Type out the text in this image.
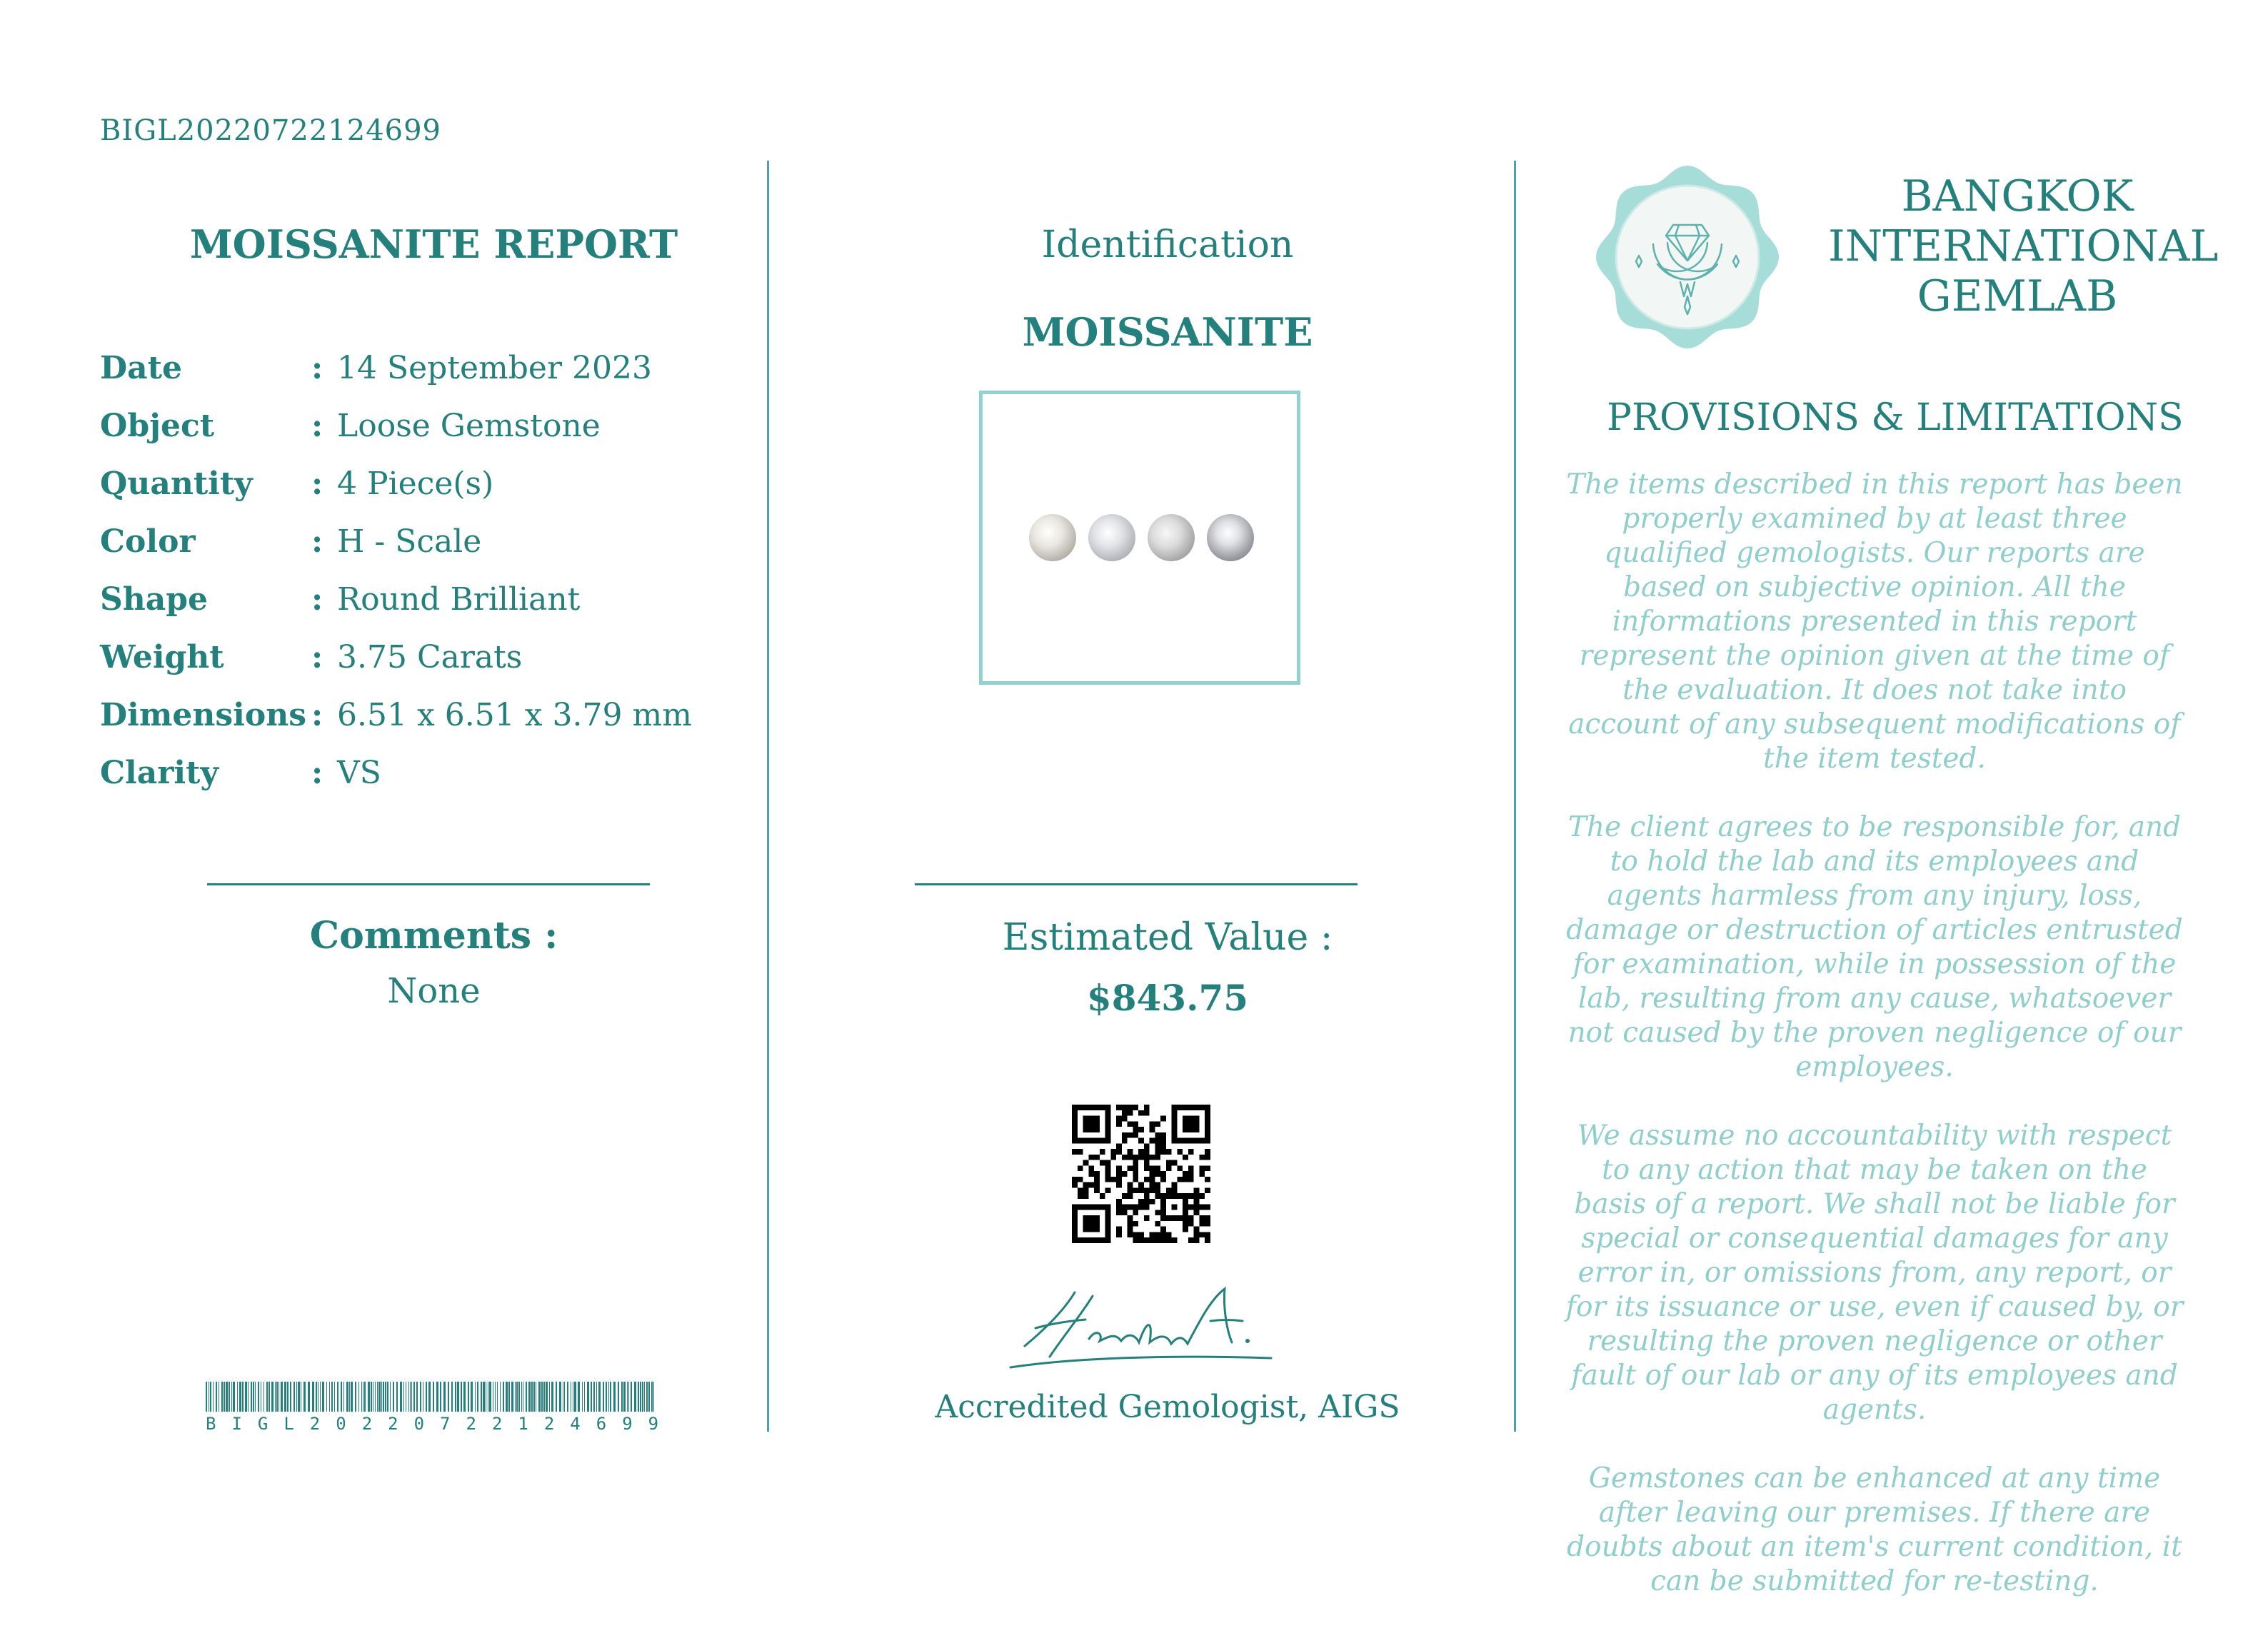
BIGL20220722124699
MOISSANITE REPORT
Date	: 14 September 2023
Object	: Loose Gemstone
Quantity	: 4 Piece(s)
Color	: H - Scale
Shape	: Round Brilliant
Weight	: 3.75 Carats
Dimensions : 6.51 x 6.51 x 3.79 mm
Clarity	: VS
Comments :
None
BIGL20220722124699
Identification
MOISSANITE
Estimated Value :
$843.75
Accredited Gemologist, AIGS
BANGKOK
INTERNATIONAL
GEMLAB
PROVISIONS & LIMITATIONS

The items described in this report has been properly examined by at least three qualified gemologists. Our reports are based on subjective opinion. All the informations presented in this report represent the opinion given at the time of the evaluation. It does not take into account of any subsequent modifications of the item tested.

The client agrees to be responsible for, and to hold the lab and its employees and agents harmless from any injury, loss, damage or destruction of articles entrusted for examination, while in possession of the lab, resulting from any cause, whatsoever not caused by the proven negligence of our employees.

We assume no accountability with respect to any action that may be taken on the basis of a report. We shall not be liable for special or consequential damages for any error in, or omissions from, any report, or for its issuance or use, even if caused by, or resulting the proven negligence or other fault of our lab or any of its employees and agents.

Gemstones can be enhanced at any time after leaving our premises. If there are doubts about an item's current condition, it can be submitted for re-testing.
